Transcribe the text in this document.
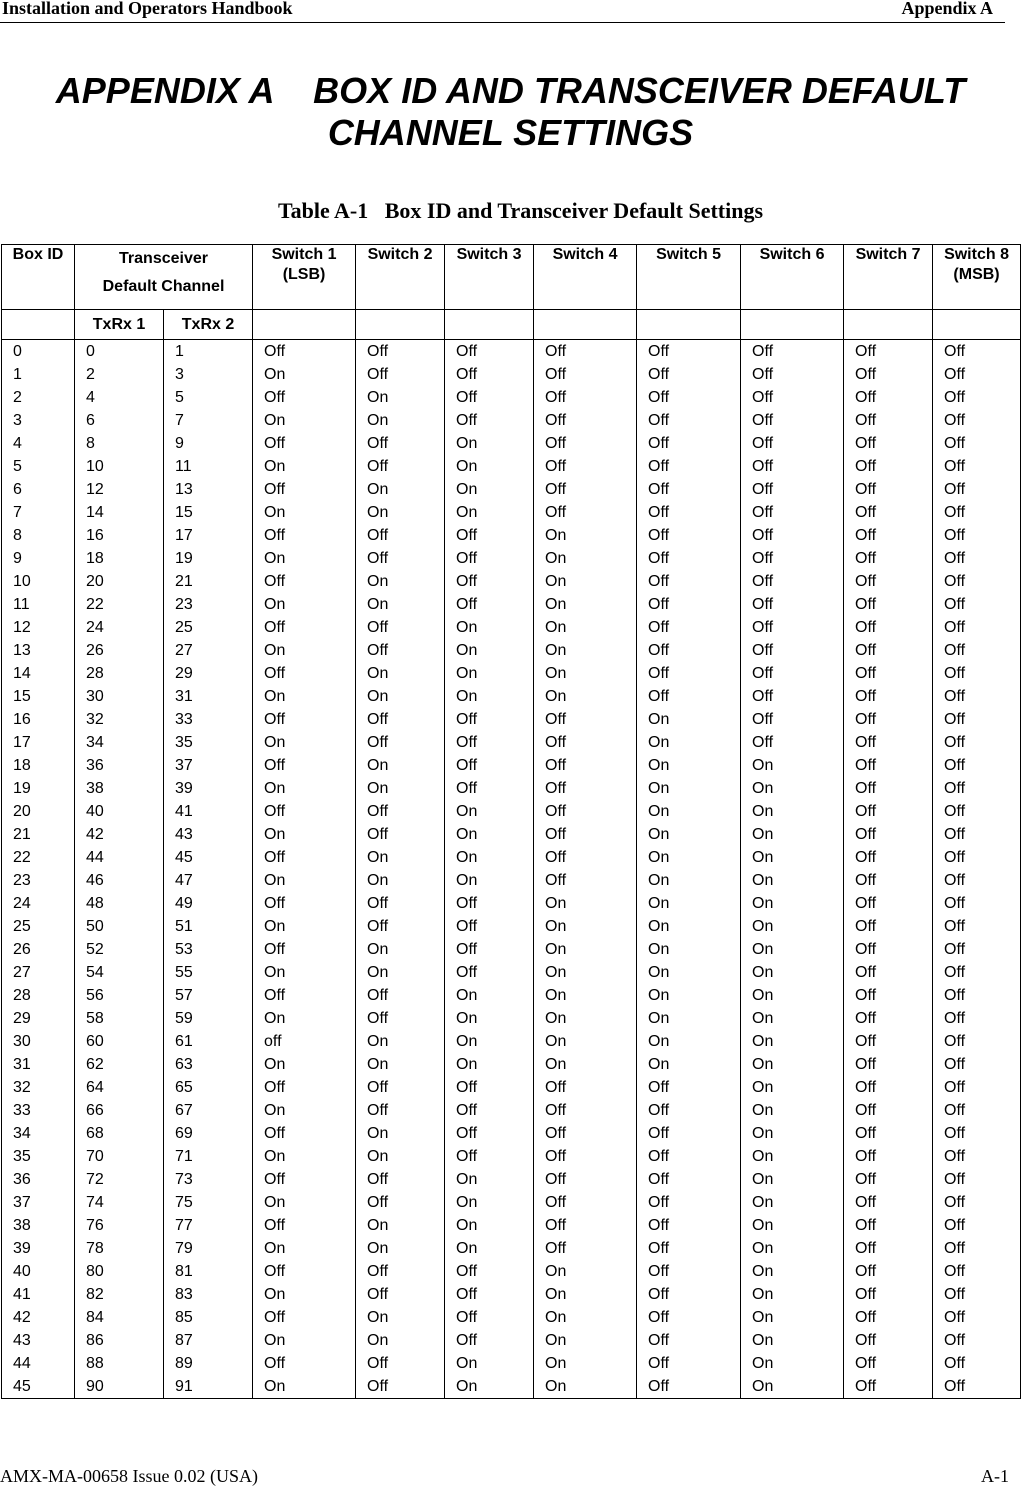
Installation and Operators Handbook	Appendix A
APPENDIX A    BOX ID AND TRANSCEIVER DEFAULT
CHANNEL SETTINGS
Table A-1   Box ID and Transceiver Default Settings
Box ID	Transceiver
Default Channel		Switch 1
(LSB)	Switch 2	Switch 3	Switch 4	Switch 5	Switch 6	Switch 7	Switch 8
(MSB)
	TxRx 1	TxRx 2								
0	0	1	Off	Off	Off	Off	Off	Off	Off	Off
1	2	3	On	Off	Off	Off	Off	Off	Off	Off
2	4	5	Off	On	Off	Off	Off	Off	Off	Off
3	6	7	On	On	Off	Off	Off	Off	Off	Off
4	8	9	Off	Off	On	Off	Off	Off	Off	Off
5	10	11	On	Off	On	Off	Off	Off	Off	Off
6	12	13	Off	On	On	Off	Off	Off	Off	Off
7	14	15	On	On	On	Off	Off	Off	Off	Off
8	16	17	Off	Off	Off	On	Off	Off	Off	Off
9	18	19	On	Off	Off	On	Off	Off	Off	Off
10	20	21	Off	On	Off	On	Off	Off	Off	Off
11	22	23	On	On	Off	On	Off	Off	Off	Off
12	24	25	Off	Off	On	On	Off	Off	Off	Off
13	26	27	On	Off	On	On	Off	Off	Off	Off
14	28	29	Off	On	On	On	Off	Off	Off	Off
15	30	31	On	On	On	On	Off	Off	Off	Off
16	32	33	Off	Off	Off	Off	On	Off	Off	Off
17	34	35	On	Off	Off	Off	On	Off	Off	Off
18	36	37	Off	On	Off	Off	On	On	Off	Off
19	38	39	On	On	Off	Off	On	On	Off	Off
20	40	41	Off	Off	On	Off	On	On	Off	Off
21	42	43	On	Off	On	Off	On	On	Off	Off
22	44	45	Off	On	On	Off	On	On	Off	Off
23	46	47	On	On	On	Off	On	On	Off	Off
24	48	49	Off	Off	Off	On	On	On	Off	Off
25	50	51	On	Off	Off	On	On	On	Off	Off
26	52	53	Off	On	Off	On	On	On	Off	Off
27	54	55	On	On	Off	On	On	On	Off	Off
28	56	57	Off	Off	On	On	On	On	Off	Off
29	58	59	On	Off	On	On	On	On	Off	Off
30	60	61	off	On	On	On	On	On	Off	Off
31	62	63	On	On	On	On	On	On	Off	Off
32	64	65	Off	Off	Off	Off	Off	On	Off	Off
33	66	67	On	Off	Off	Off	Off	On	Off	Off
34	68	69	Off	On	Off	Off	Off	On	Off	Off
35	70	71	On	On	Off	Off	Off	On	Off	Off
36	72	73	Off	Off	On	Off	Off	On	Off	Off
37	74	75	On	Off	On	Off	Off	On	Off	Off
38	76	77	Off	On	On	Off	Off	On	Off	Off
39	78	79	On	On	On	Off	Off	On	Off	Off
40	80	81	Off	Off	Off	On	Off	On	Off	Off
41	82	83	On	Off	Off	On	Off	On	Off	Off
42	84	85	Off	On	Off	On	Off	On	Off	Off
43	86	87	On	On	Off	On	Off	On	Off	Off
44	88	89	Off	Off	On	On	Off	On	Off	Off
45	90	91	On	Off	On	On	Off	On	Off	Off
AMX-MA-00658 Issue 0.02 (USA)	A-1
